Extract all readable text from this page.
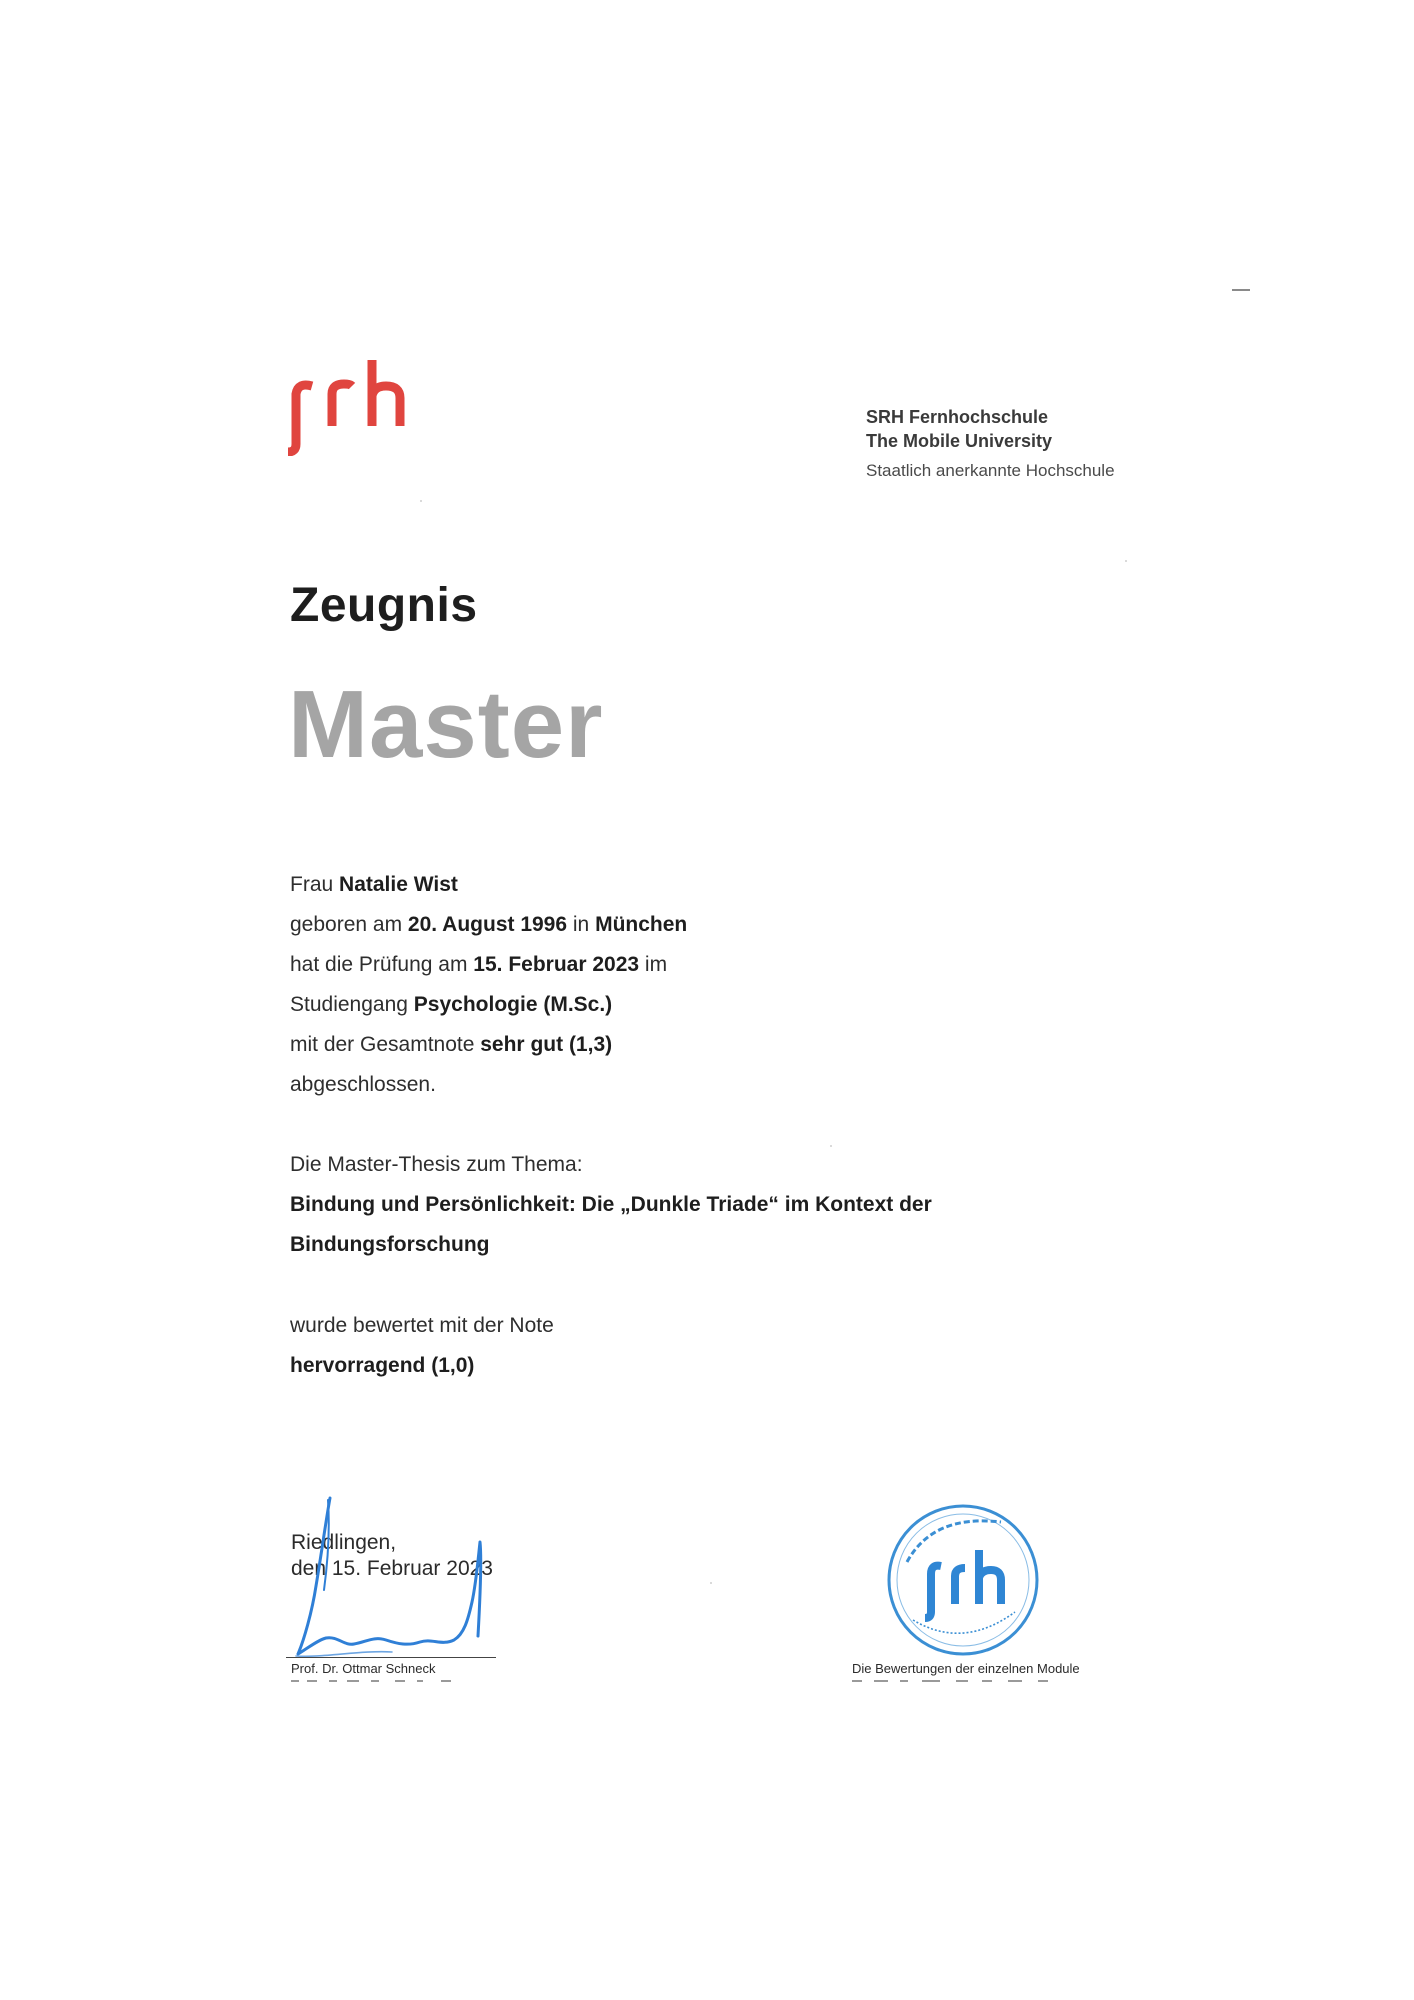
SRH Fernhochschule
The Mobile University
Staatlich anerkannte Hochschule
Zeugnis
Master
Frau Natalie Wist
geboren am 20. August 1996 in München
hat die Prüfung am 15. Februar 2023 im
Studiengang Psychologie (M.Sc.)
mit der Gesamtnote sehr gut (1,3)
abgeschlossen.
Die Master-Thesis zum Thema:
Bindung und Persönlichkeit: Die „Dunkle Triade“ im Kontext der
Bindungsforschung
wurde bewertet mit der Note
hervorragend (1,0)
Riedlingen,
den 15. Februar 2023
Prof. Dr. Ottmar Schneck	Die Bewertungen der einzelnen Module
